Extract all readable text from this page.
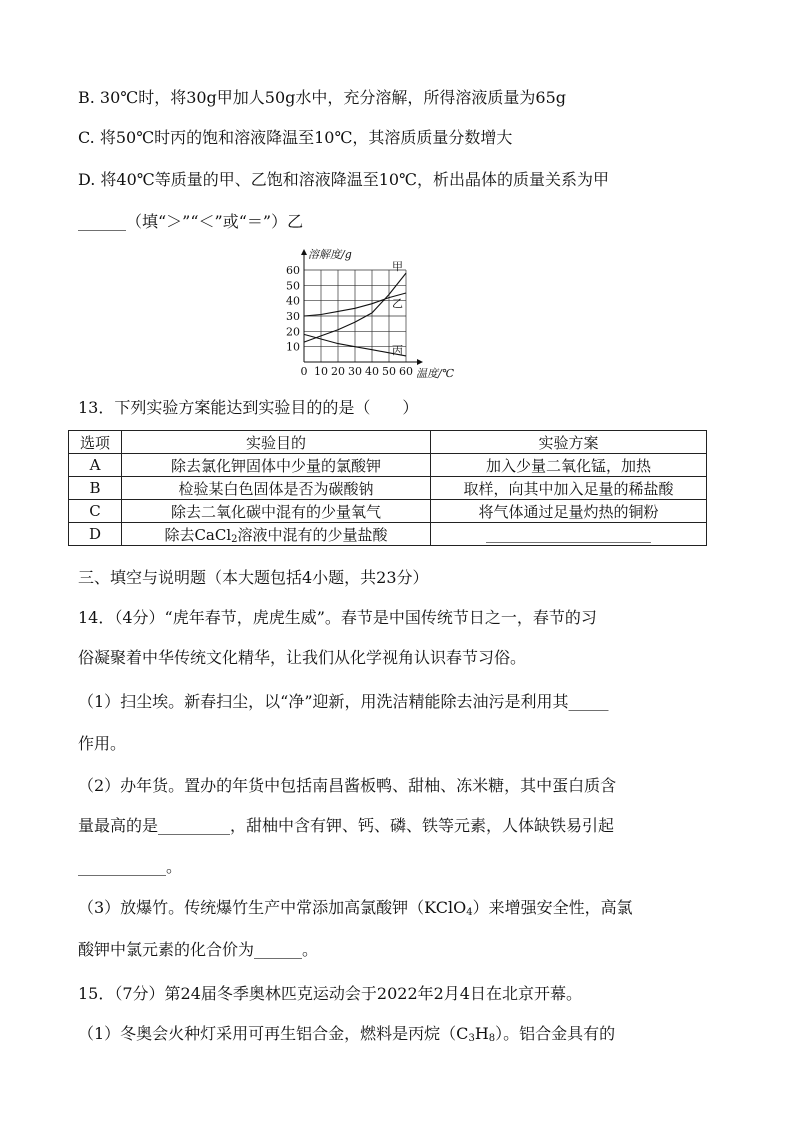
B. 30℃时，将30g甲加人50g水中，充分溶解，所得溶液质量为65g
C. 将50℃时丙的饱和溶液降温至10℃，其溶质质量分数增大
D. 将40℃等质量的甲、乙饱和溶液降温至10℃，析出晶体的质量关系为甲
______（填“＞”“＜”或“＝”）乙
甲
乙
丙
10
20
30
40
50
60
0 10 20 30 40 50 60
溶解度/g
温度/℃
13．下列实验方案能达到实验目的的是（　　）
选项	实验目的	实验方案
A	除去氯化钾固体中少量的氯酸钾	加入少量二氧化锰，加热
B	检验某白色固体是否为碳酸钠	取样，向其中加入足量的稀盐酸
C	除去二氧化碳中混有的少量氧气	将气体通过足量灼热的铜粉
D	除去CaCl$_2$溶液中混有的少量盐酸	______________________
三、填空与说明题（本大题包括4小题，共23分）
14．（4分）“虎年春节，虎虎生威”。春节是中国传统节日之一，春节的习
俗凝聚着中华传统文化精华，让我们从化学视角认识春节习俗。
（1）扫尘埃。新春扫尘，以“净”迎新，用洗洁精能除去油污是利用其_____
作用。
（2）办年货。置办的年货中包括南昌酱板鸭、甜柚、冻米糖，其中蛋白质含
量最高的是_________，甜柚中含有钾、钙、磷、铁等元素，人体缺铁易引起
___________。
（3）放爆竹。传统爆竹生产中常添加高氯酸钾（KClO$_4$）来增强安全性，高氯
酸钾中氯元素的化合价为______。
15．（7分）第24届冬季奥林匹克运动会于2022年2月4日在北京开幕。
（1）冬奥会火种灯采用可再生铝合金，燃料是丙烷$(C_3H_8)$。铝合金具有的
